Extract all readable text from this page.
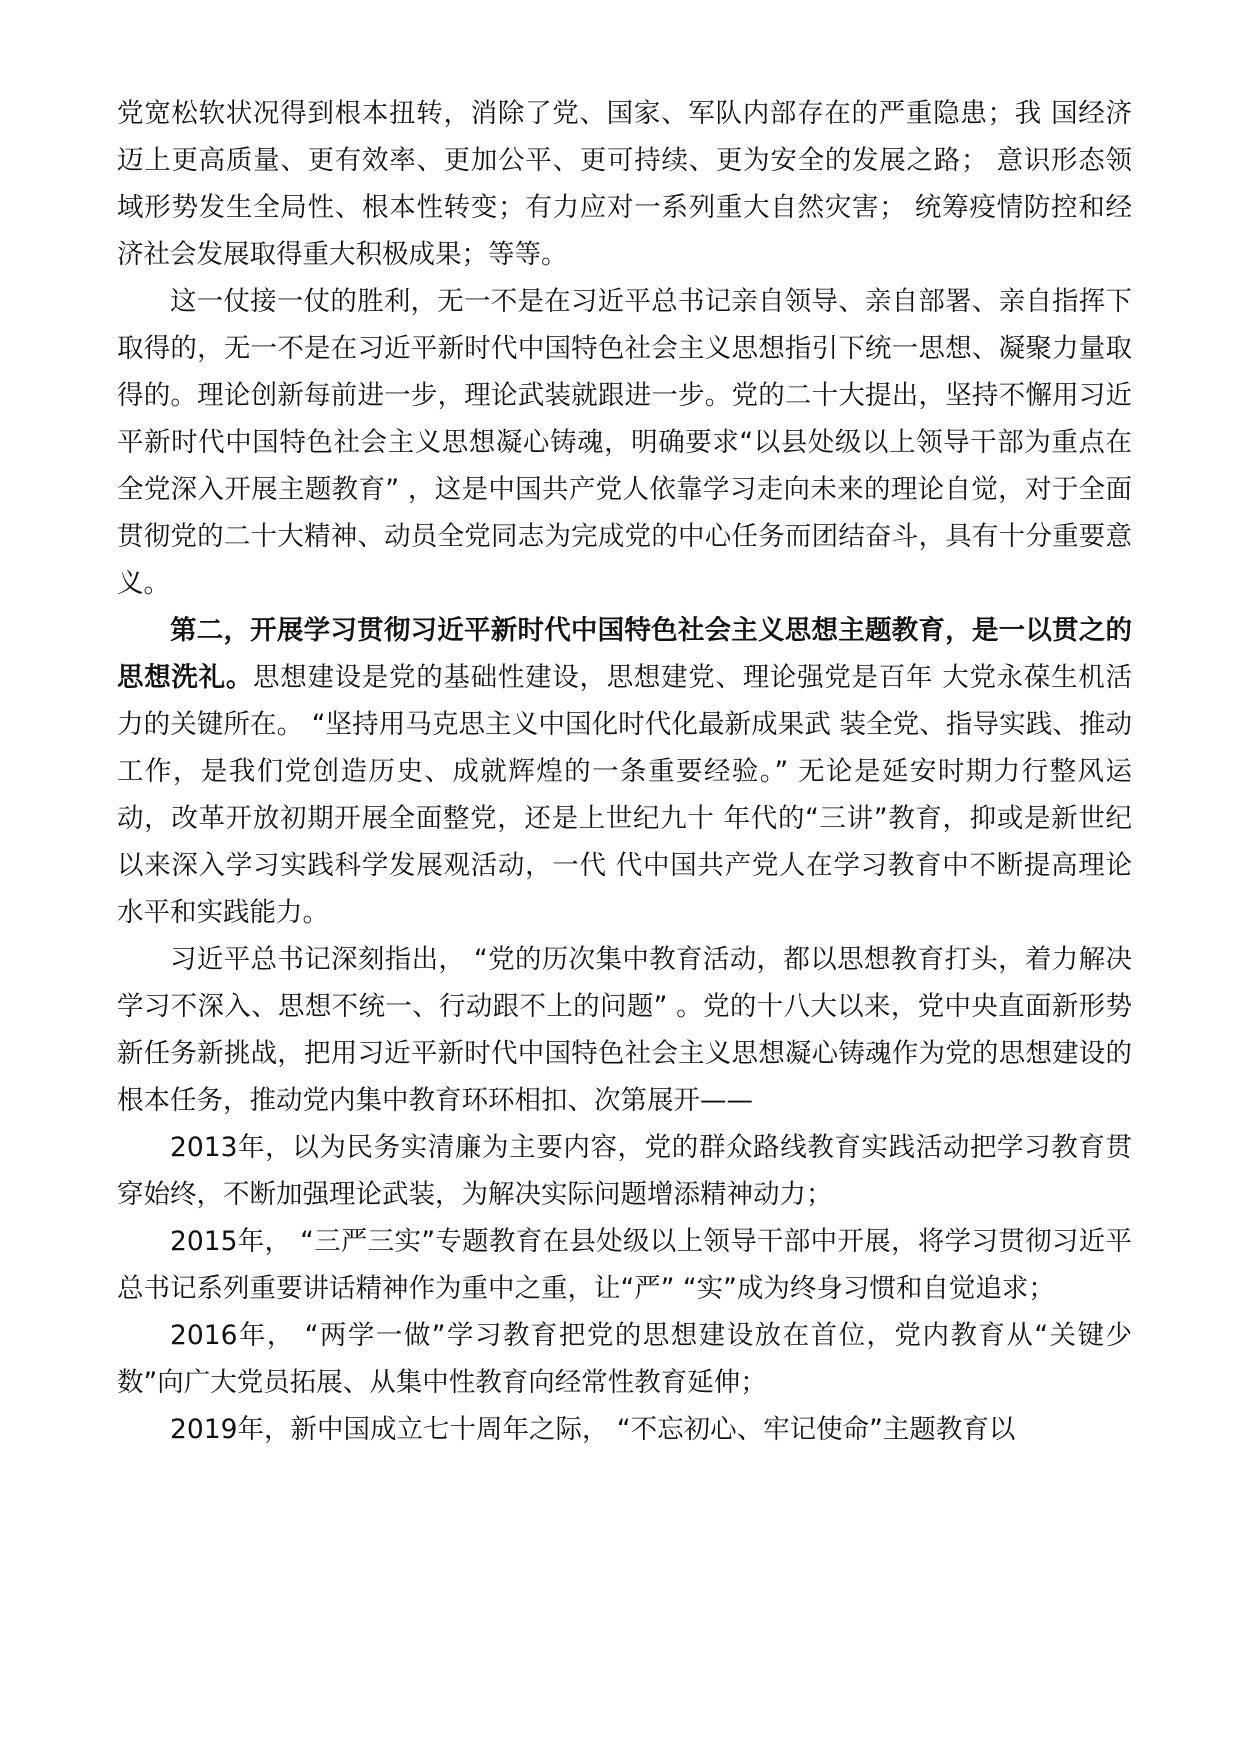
党宽松软状况得到根本扭转，消除了党、国家、军队内部存在的严重隐患；我 国经济迈上更高质量、更有效率、更加公平、更可持续、更为安全的发展之路； 意识形态领域形势发生全局性、根本性转变；有力应对一系列重大自然灾害； 统筹疫情防控和经济社会发展取得重大积极成果；等等。

这一仗接一仗的胜利，无一不是在习近平总书记亲自领导、亲自部署、亲自指挥下取得的，无一不是在习近平新时代中国特色社会主义思想指引下统一思想、凝聚力量取得的。理论创新每前进一步，理论武装就跟进一步。党的二十大提出，坚持不懈用习近平新时代中国特色社会主义思想凝心铸魂，明确要求“以县处级以上领导干部为重点在全党深入开展主题教育” ，这是中国共产党人依靠学习走向未来的理论自觉，对于全面贯彻党的二十大精神、动员全党同志为完成党的中心任务而团结奋斗，具有十分重要意义。

第二，开展学习贯彻习近平新时代中国特色社会主义思想主题教育，是一以贯之的思想洗礼。思想建设是党的基础性建设，思想建党、理论强党是百年 大党永葆生机活力的关键所在。 “坚持用马克思主义中国化时代化最新成果武 装全党、指导实践、推动工作，是我们党创造历史、成就辉煌的一条重要经验。” 无论是延安时期力行整风运动，改革开放初期开展全面整党，还是上世纪九十 年代的“三讲”教育，抑或是新世纪以来深入学习实践科学发展观活动，一代 代中国共产党人在学习教育中不断提高理论水平和实践能力。

习近平总书记深刻指出， “党的历次集中教育活动，都以思想教育打头，着力解决学习不深入、思想不统一、行动跟不上的问题” 。党的十八大以来，党中央直面新形势新任务新挑战，把用习近平新时代中国特色社会主义思想凝心铸魂作为党的思想建设的根本任务，推动党内集中教育环环相扣、次第展开——

2013年，以为民务实清廉为主要内容，党的群众路线教育实践活动把学习教育贯穿始终，不断加强理论武装，为解决实际问题增添精神动力；

2015年， “三严三实”专题教育在县处级以上领导干部中开展，将学习贯彻习近平总书记系列重要讲话精神作为重中之重，让“严” “实”成为终身习惯和自觉追求；

2016年， “两学一做”学习教育把党的思想建设放在首位，党内教育从“关键少数”向广大党员拓展、从集中性教育向经常性教育延伸；

2019年，新中国成立七十周年之际， “不忘初心、牢记使命”主题教育以
